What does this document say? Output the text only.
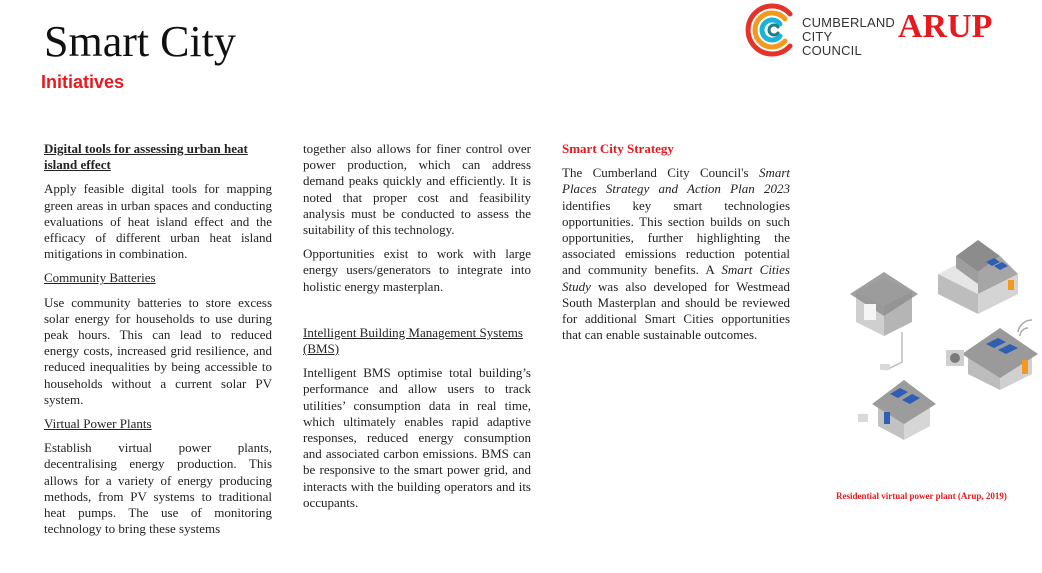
Smart City
Initiatives
CUMBERLAND
CITY COUNCIL
ARUP

Digital tools for assessing urban heat island effect

Apply feasible digital tools for mapping green areas in urban spaces and conducting evaluations of heat island effect and the efficacy of different urban heat island mitigations in combination.

Community Batteries

Use community batteries to store excess solar energy for households to use during peak hours. This can lead to reduced energy costs, increased grid resilience, and reduced inequalities by being accessible to households without a current solar PV system.

Virtual Power Plants

Establish virtual power plants, decentralising energy production. This allows for a variety of energy producing methods, from PV systems to traditional heat pumps. The use of monitoring technology to bring these systems

together also allows for finer control over power production, which can address demand peaks quickly and efficiently. It is noted that proper cost and feasibility analysis must be conducted to assess the suitability of this technology.

Opportunities exist to work with large energy users/generators to integrate into holistic energy masterplan.

Intelligent Building Management Systems (BMS)

Intelligent BMS optimise total building’s performance and allow users to track utilities’ consumption data in real time, which ultimately enables rapid adaptive responses, reduced energy consumption and associated carbon emissions. BMS can be responsive to the smart power grid, and interacts with the building operators and its occupants.

Smart City Strategy

The Cumberland City Council's Smart Places Strategy and Action Plan 2023 identifies key smart technologies opportunities. This section builds on such opportunities, further highlighting the associated emissions reduction potential and community benefits. A Smart Cities Study was also developed for Westmead South Masterplan and should be reviewed for additional Smart Cities opportunities that can enable sustainable outcomes.

Residential virtual power plant (Arup, 2019)
